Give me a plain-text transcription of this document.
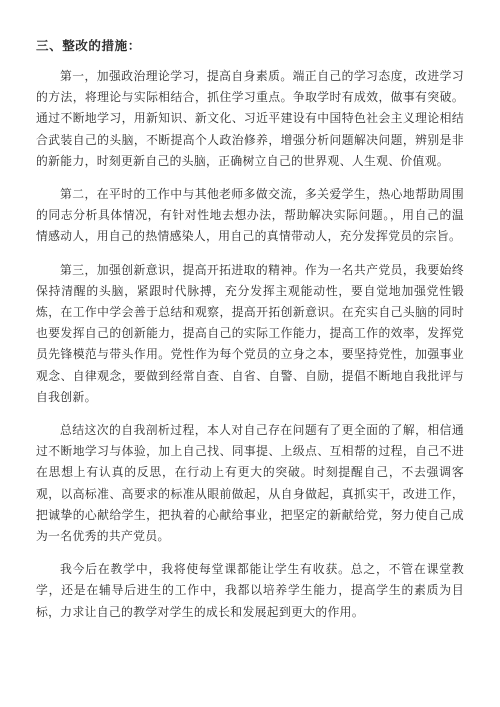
三、整改的措施：

第一，加强政治理论学习，提高自身素质。端正自己的学习态度，改进学习的方法，将理论与实际相结合，抓住学习重点。争取学时有成效，做事有突破。通过不断地学习，用新知识、新文化、习近平建设有中国特色社会主义理论相结合武装自己的头脑，不断提高个人政治修养，增强分析问题解决问题，辨别是非的新能力，时刻更新自己的头脑，正确树立自己的世界观、人生观、价值观。

第二，在平时的工作中与其他老师多做交流，多关爱学生，热心地帮助周围的同志分析具体情况，有针对性地去想办法，帮助解决实际问题。，用自己的温情感动人，用自己的热情感染人，用自己的真情带动人，充分发挥党员的宗旨。

第三，加强创新意识，提高开拓进取的精神。作为一名共产党员，我要始终保持清醒的头脑，紧跟时代脉搏，充分发挥主观能动性，要自觉地加强党性锻炼，在工作中学会善于总结和观察，提高开拓创新意识。在充实自己头脑的同时也要发挥自己的创新能力，提高自己的实际工作能力，提高工作的效率，发挥党员先锋模范与带头作用。党性作为每个党员的立身之本，要坚持党性，加强事业观念、自律观念，要做到经常自查、自省、自警、自励，提倡不断地自我批评与自我创新。

总结这次的自我剖析过程，本人对自己存在问题有了更全面的了解，相信通过不断地学习与体验，加上自己找、同事提、上级点、互相帮的过程，自己不进在思想上有认真的反思，在行动上有更大的突破。时刻提醒自己，不去强调客观，以高标准、高要求的标准从眼前做起，从自身做起，真抓实干，改进工作，把诚挚的心献给学生，把执着的心献给事业，把坚定的新献给党，努力使自己成为一名优秀的共产党员。

我今后在教学中，我将使每堂课都能让学生有收获。总之，不管在课堂教学，还是在辅导后进生的工作中，我都以培养学生能力，提高学生的素质为目标，力求让自己的教学对学生的成长和发展起到更大的作用。
